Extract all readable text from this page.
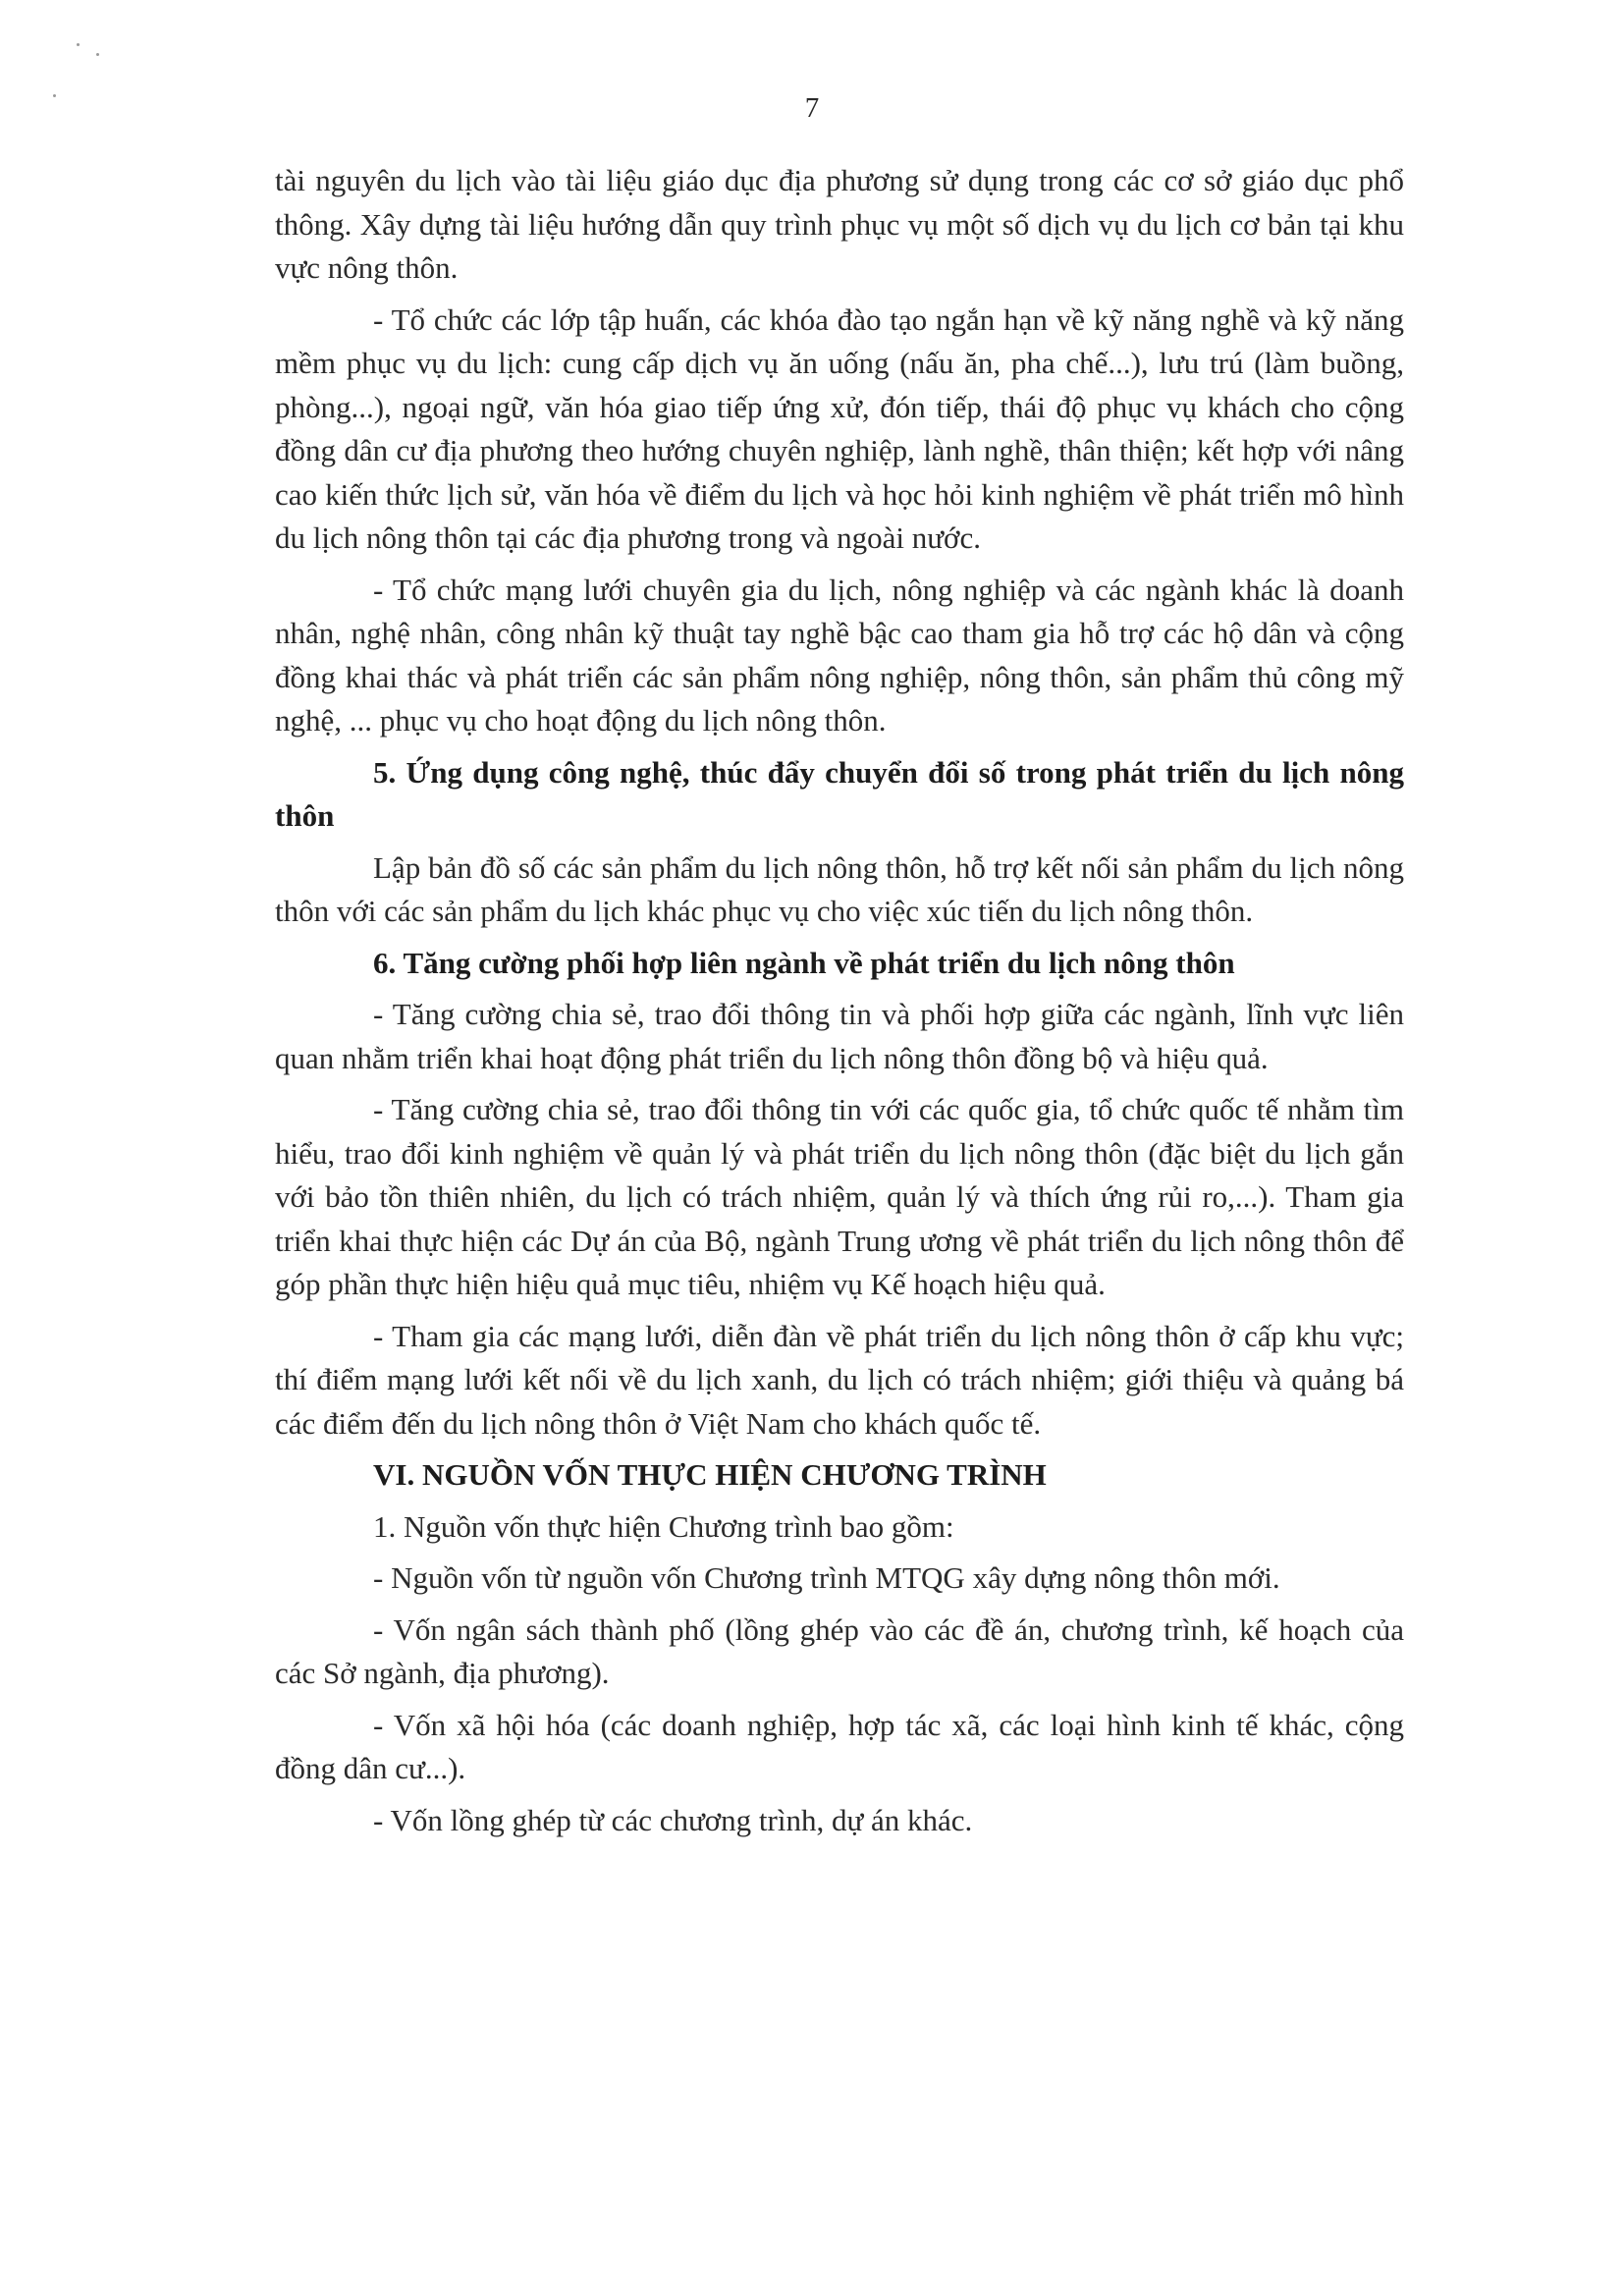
7

tài nguyên du lịch vào tài liệu giáo dục địa phương sử dụng trong các cơ sở giáo dục phổ thông. Xây dựng tài liệu hướng dẫn quy trình phục vụ một số dịch vụ du lịch cơ bản tại khu vực nông thôn.

- Tổ chức các lớp tập huấn, các khóa đào tạo ngắn hạn về kỹ năng nghề và kỹ năng mềm phục vụ du lịch: cung cấp dịch vụ ăn uống (nấu ăn, pha chế...), lưu trú (làm buồng, phòng...), ngoại ngữ, văn hóa giao tiếp ứng xử, đón tiếp, thái độ phục vụ khách cho cộng đồng dân cư địa phương theo hướng chuyên nghiệp, lành nghề, thân thiện; kết hợp với nâng cao kiến thức lịch sử, văn hóa về điểm du lịch và học hỏi kinh nghiệm về phát triển mô hình du lịch nông thôn tại các địa phương trong và ngoài nước.

- Tổ chức mạng lưới chuyên gia du lịch, nông nghiệp và các ngành khác là doanh nhân, nghệ nhân, công nhân kỹ thuật tay nghề bậc cao tham gia hỗ trợ các hộ dân và cộng đồng khai thác và phát triển các sản phẩm nông nghiệp, nông thôn, sản phẩm thủ công mỹ nghệ, ... phục vụ cho hoạt động du lịch nông thôn.

5. Ứng dụng công nghệ, thúc đẩy chuyển đổi số trong phát triển du lịch nông thôn

Lập bản đồ số các sản phẩm du lịch nông thôn, hỗ trợ kết nối sản phẩm du lịch nông thôn với các sản phẩm du lịch khác phục vụ cho việc xúc tiến du lịch nông thôn.

6. Tăng cường phối hợp liên ngành về phát triển du lịch nông thôn

- Tăng cường chia sẻ, trao đổi thông tin và phối hợp giữa các ngành, lĩnh vực liên quan nhằm triển khai hoạt động phát triển du lịch nông thôn đồng bộ và hiệu quả.

- Tăng cường chia sẻ, trao đổi thông tin với các quốc gia, tổ chức quốc tế nhằm tìm hiểu, trao đổi kinh nghiệm về quản lý và phát triển du lịch nông thôn (đặc biệt du lịch gắn với bảo tồn thiên nhiên, du lịch có trách nhiệm, quản lý và thích ứng rủi ro,...). Tham gia triển khai thực hiện các Dự án của Bộ, ngành Trung ương về phát triển du lịch nông thôn để góp phần thực hiện hiệu quả mục tiêu, nhiệm vụ Kế hoạch hiệu quả.

- Tham gia các mạng lưới, diễn đàn về phát triển du lịch nông thôn ở cấp khu vực; thí điểm mạng lưới kết nối về du lịch xanh, du lịch có trách nhiệm; giới thiệu và quảng bá các điểm đến du lịch nông thôn ở Việt Nam cho khách quốc tế.

VI. NGUỒN VỐN THỰC HIỆN CHƯƠNG TRÌNH

1. Nguồn vốn thực hiện Chương trình bao gồm:

- Nguồn vốn từ nguồn vốn Chương trình MTQG xây dựng nông thôn mới.

- Vốn ngân sách thành phố (lồng ghép vào các đề án, chương trình, kế hoạch của các Sở ngành, địa phương).

- Vốn xã hội hóa (các doanh nghiệp, hợp tác xã, các loại hình kinh tế khác, cộng đồng dân cư...).

- Vốn lồng ghép từ các chương trình, dự án khác.
